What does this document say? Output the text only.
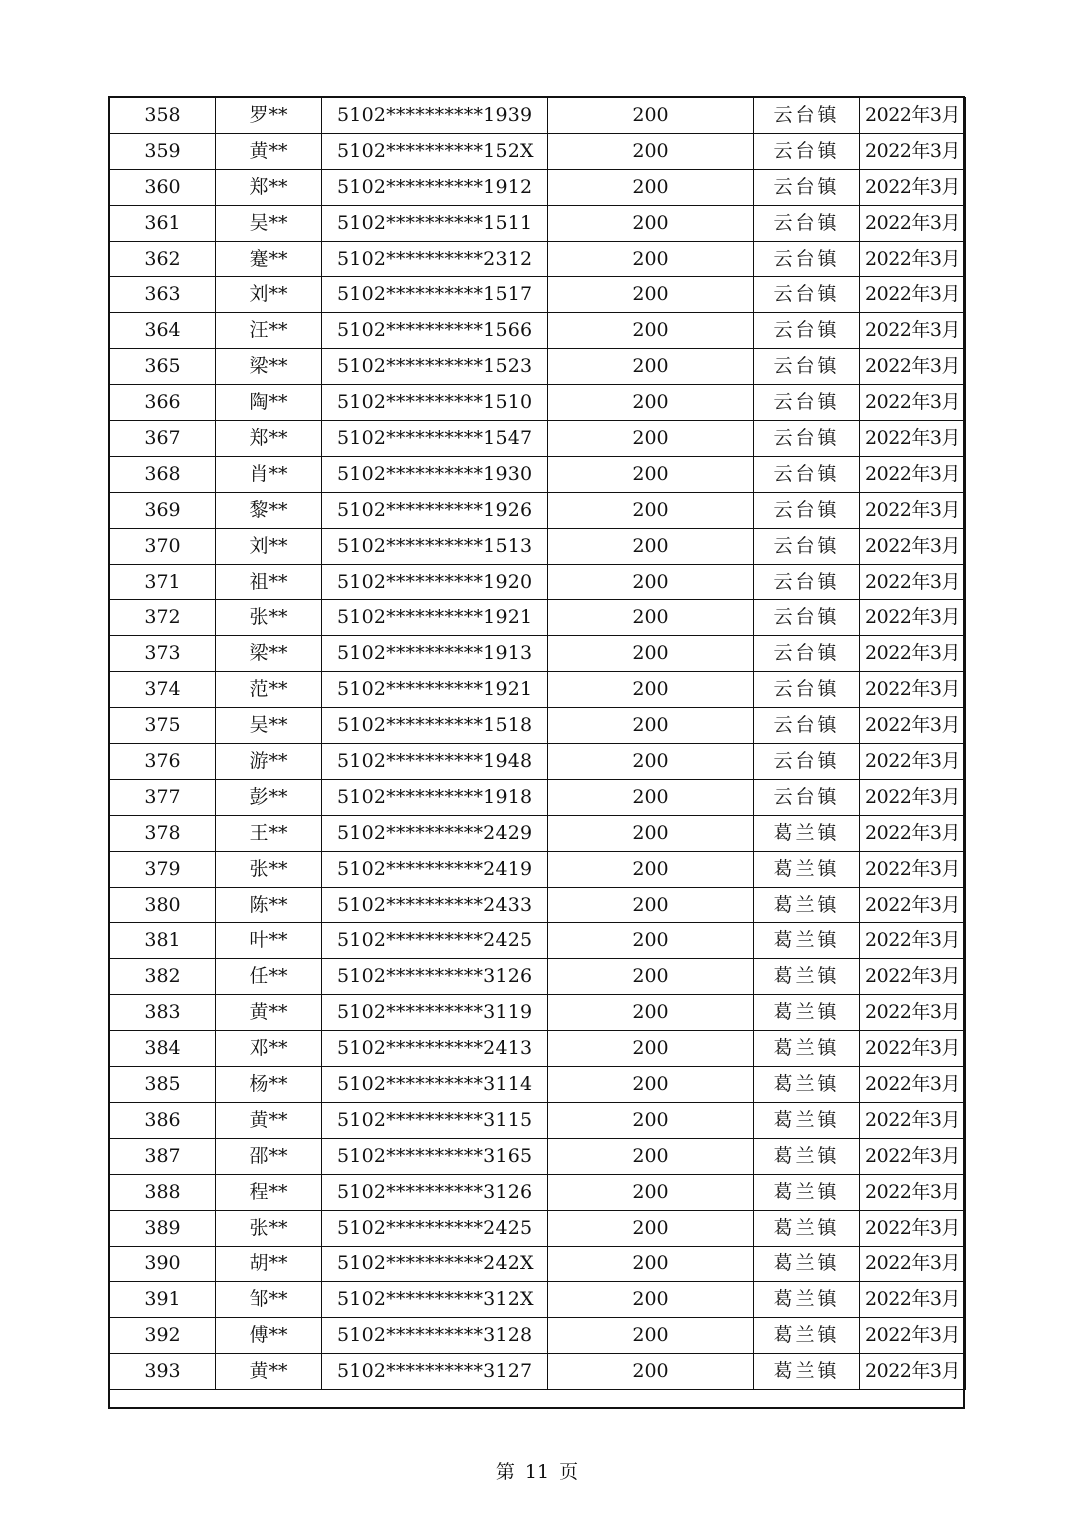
358	罗**	5102**********1939	200	云台镇	2022年3月
359	黄**	5102**********152X	200	云台镇	2022年3月
360	郑**	5102**********1912	200	云台镇	2022年3月
361	吴**	5102**********1511	200	云台镇	2022年3月
362	蹇**	5102**********2312	200	云台镇	2022年3月
363	刘**	5102**********1517	200	云台镇	2022年3月
364	汪**	5102**********1566	200	云台镇	2022年3月
365	梁**	5102**********1523	200	云台镇	2022年3月
366	陶**	5102**********1510	200	云台镇	2022年3月
367	郑**	5102**********1547	200	云台镇	2022年3月
368	肖**	5102**********1930	200	云台镇	2022年3月
369	黎**	5102**********1926	200	云台镇	2022年3月
370	刘**	5102**********1513	200	云台镇	2022年3月
371	祖**	5102**********1920	200	云台镇	2022年3月
372	张**	5102**********1921	200	云台镇	2022年3月
373	梁**	5102**********1913	200	云台镇	2022年3月
374	范**	5102**********1921	200	云台镇	2022年3月
375	吴**	5102**********1518	200	云台镇	2022年3月
376	游**	5102**********1948	200	云台镇	2022年3月
377	彭**	5102**********1918	200	云台镇	2022年3月
378	王**	5102**********2429	200	葛兰镇	2022年3月
379	张**	5102**********2419	200	葛兰镇	2022年3月
380	陈**	5102**********2433	200	葛兰镇	2022年3月
381	叶**	5102**********2425	200	葛兰镇	2022年3月
382	任**	5102**********3126	200	葛兰镇	2022年3月
383	黄**	5102**********3119	200	葛兰镇	2022年3月
384	邓**	5102**********2413	200	葛兰镇	2022年3月
385	杨**	5102**********3114	200	葛兰镇	2022年3月
386	黄**	5102**********3115	200	葛兰镇	2022年3月
387	邵**	5102**********3165	200	葛兰镇	2022年3月
388	程**	5102**********3126	200	葛兰镇	2022年3月
389	张**	5102**********2425	200	葛兰镇	2022年3月
390	胡**	5102**********242X	200	葛兰镇	2022年3月
391	邹**	5102**********312X	200	葛兰镇	2022年3月
392	傅**	5102**********3128	200	葛兰镇	2022年3月
393	黄**	5102**********3127	200	葛兰镇	2022年3月
第 11 页
